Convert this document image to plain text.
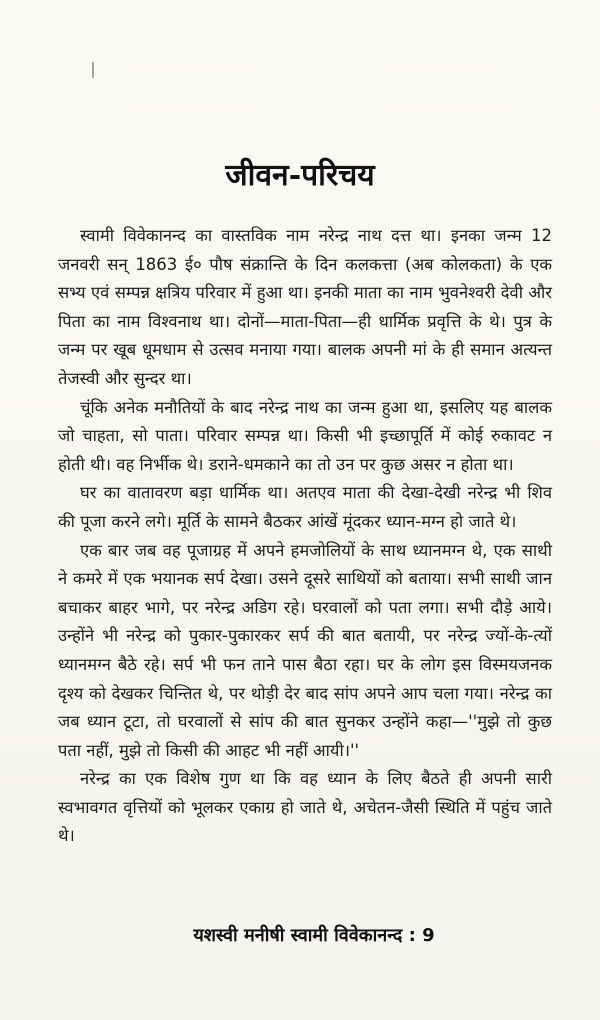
जीवन-परिचय

स्वामी विवेकानन्द का वास्तविक नाम नरेन्द्र नाथ दत्त था। इनका जन्म 12 जनवरी सन् 1863 ई० पौष संक्रान्ति के दिन कलकत्ता (अब कोलकता) के एक सभ्य एवं सम्पन्न क्षत्रिय परिवार में हुआ था। इनकी माता का नाम भुवनेश्वरी देवी और पिता का नाम विश्वनाथ था। दोनों—माता-पिता—ही धार्मिक प्रवृत्ति के थे। पुत्र के जन्म पर खूब धूमधाम से उत्सव मनाया गया। बालक अपनी मां के ही समान अत्यन्त तेजस्वी और सुन्दर था।

चूंकि अनेक मनौतियों के बाद नरेन्द्र नाथ का जन्म हुआ था, इसलिए यह बालक जो चाहता, सो पाता। परिवार सम्पन्न था। किसी भी इच्छापूर्ति में कोई रुकावट न होती थी। वह निर्भीक थे। डराने-धमकाने का तो उन पर कुछ असर न होता था।

घर का वातावरण बड़ा धार्मिक था। अतएव माता की देखा-देखी नरेन्द्र भी शिव की पूजा करने लगे। मूर्ति के सामने बैठकर आंखें मूंदकर ध्यान-मग्न हो जाते थे।

एक बार जब वह पूजाग्रह में अपने हमजोलियों के साथ ध्यानमग्न थे, एक साथी ने कमरे में एक भयानक सर्प देखा। उसने दूसरे साथियों को बताया। सभी साथी जान बचाकर बाहर भागे, पर नरेन्द्र अडिग रहे। घरवालों को पता लगा। सभी दौड़े आये। उन्होंने भी नरेन्द्र को पुकार-पुकारकर सर्प की बात बतायी, पर नरेन्द्र ज्यों-के-त्यों ध्यानमग्न बैठे रहे। सर्प भी फन ताने पास बैठा रहा। घर के लोग इस विस्मयजनक दृश्य को देखकर चिन्तित थे, पर थोड़ी देर बाद सांप अपने आप चला गया। नरेन्द्र का जब ध्यान टूटा, तो घरवालों से सांप की बात सुनकर उन्होंने कहा—''मुझे तो कुछ पता नहीं, मुझे तो किसी की आहट भी नहीं आयी।''

नरेन्द्र का एक विशेष गुण था कि वह ध्यान के लिए बैठते ही अपनी सारी स्वभावगत वृत्तियों को भूलकर एकाग्र हो जाते थे, अचेतन-जैसी स्थिति में पहुंच जाते थे।

यशस्वी मनीषी स्वामी विवेकानन्द : 9
